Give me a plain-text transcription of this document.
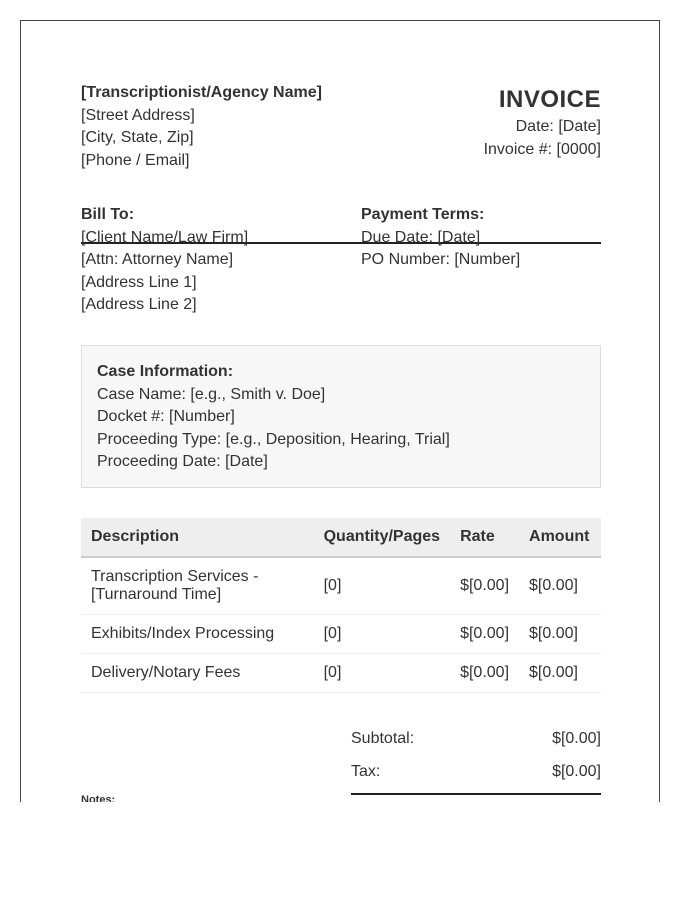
[Transcriptionist/Agency Name]
[Street Address]
[City, State, Zip]
[Phone / Email]
INVOICE
Date: [Date]
Invoice #: [0000]
Bill To:
[Client Name/Law Firm]
[Attn: Attorney Name]
[Address Line 1]
[Address Line 2]
Payment Terms:
Due Date: [Date]
PO Number: [Number]
Case Information:
Case Name: [e.g., Smith v. Doe]
Docket #: [Number]
Proceeding Type: [e.g., Deposition, Hearing, Trial]
Proceeding Date: [Date]
Description	Quantity/Pages	Rate	Amount

Transcription Services -
[Turnaround Time]	[0]	$[0.00]	$[0.00]
Exhibits/Index Processing	[0]	$[0.00]	$[0.00]
Delivery/Notary Fees	[0]	$[0.00]	$[0.00]
Subtotal:	$[0.00]
Tax:	$[0.00]
Notes:
